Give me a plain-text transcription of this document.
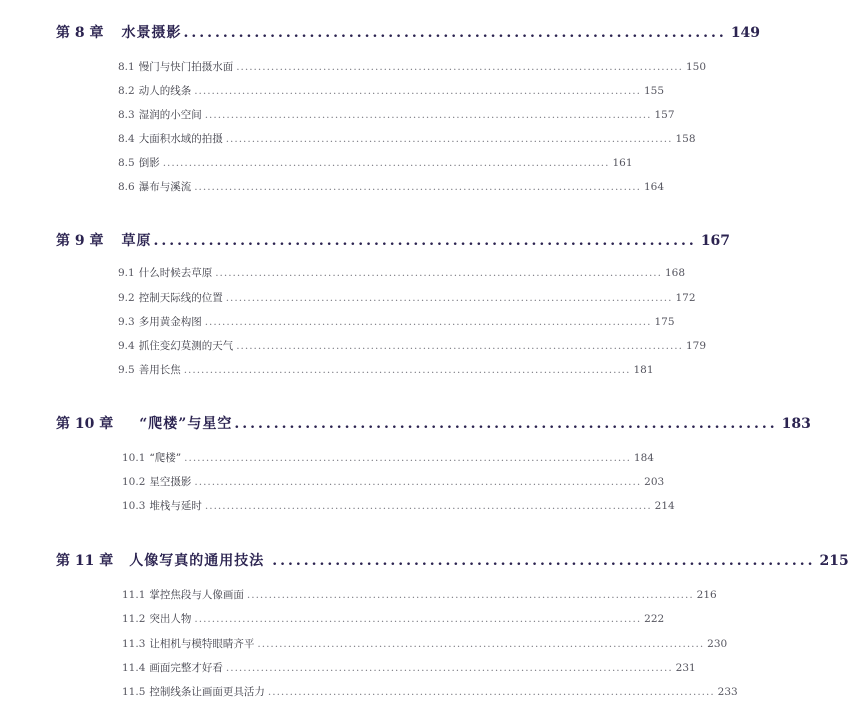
第 8 章 水景摄影 ..................................................................... 149
8.1 慢门与快门拍摄水面 ....................................................................................................... 150
8.2 动人的线条 ....................................................................................................... 155
8.3 湿润的小空间 ....................................................................................................... 157
8.4 大面积水域的拍摄 ....................................................................................................... 158
8.5 倒影 ....................................................................................................... 161
8.6 瀑布与溪流 ....................................................................................................... 164
第 9 章 草原 ..................................................................... 167
9.1 什么时候去草原 ....................................................................................................... 168
9.2 控制天际线的位置 ....................................................................................................... 172
9.3 多用黄金构图 ....................................................................................................... 175
9.4 抓住变幻莫测的天气 ....................................................................................................... 179
9.5 善用长焦 ....................................................................................................... 181
第 10 章 “爬楼”与星空 ..................................................................... 183
10.1 “爬楼” ....................................................................................................... 184
10.2 星空摄影 ....................................................................................................... 203
10.3 堆栈与延时 ....................................................................................................... 214
第 11 章 人像写真的通用技法 ..................................................................... 215
11.1 掌控焦段与人像画面 ....................................................................................................... 216
11.2 突出人物 ....................................................................................................... 222
11.3 让相机与模特眼睛齐平 ....................................................................................................... 230
11.4 画面完整才好看 ....................................................................................................... 231
11.5 控制线条让画面更具活力 ....................................................................................................... 233
